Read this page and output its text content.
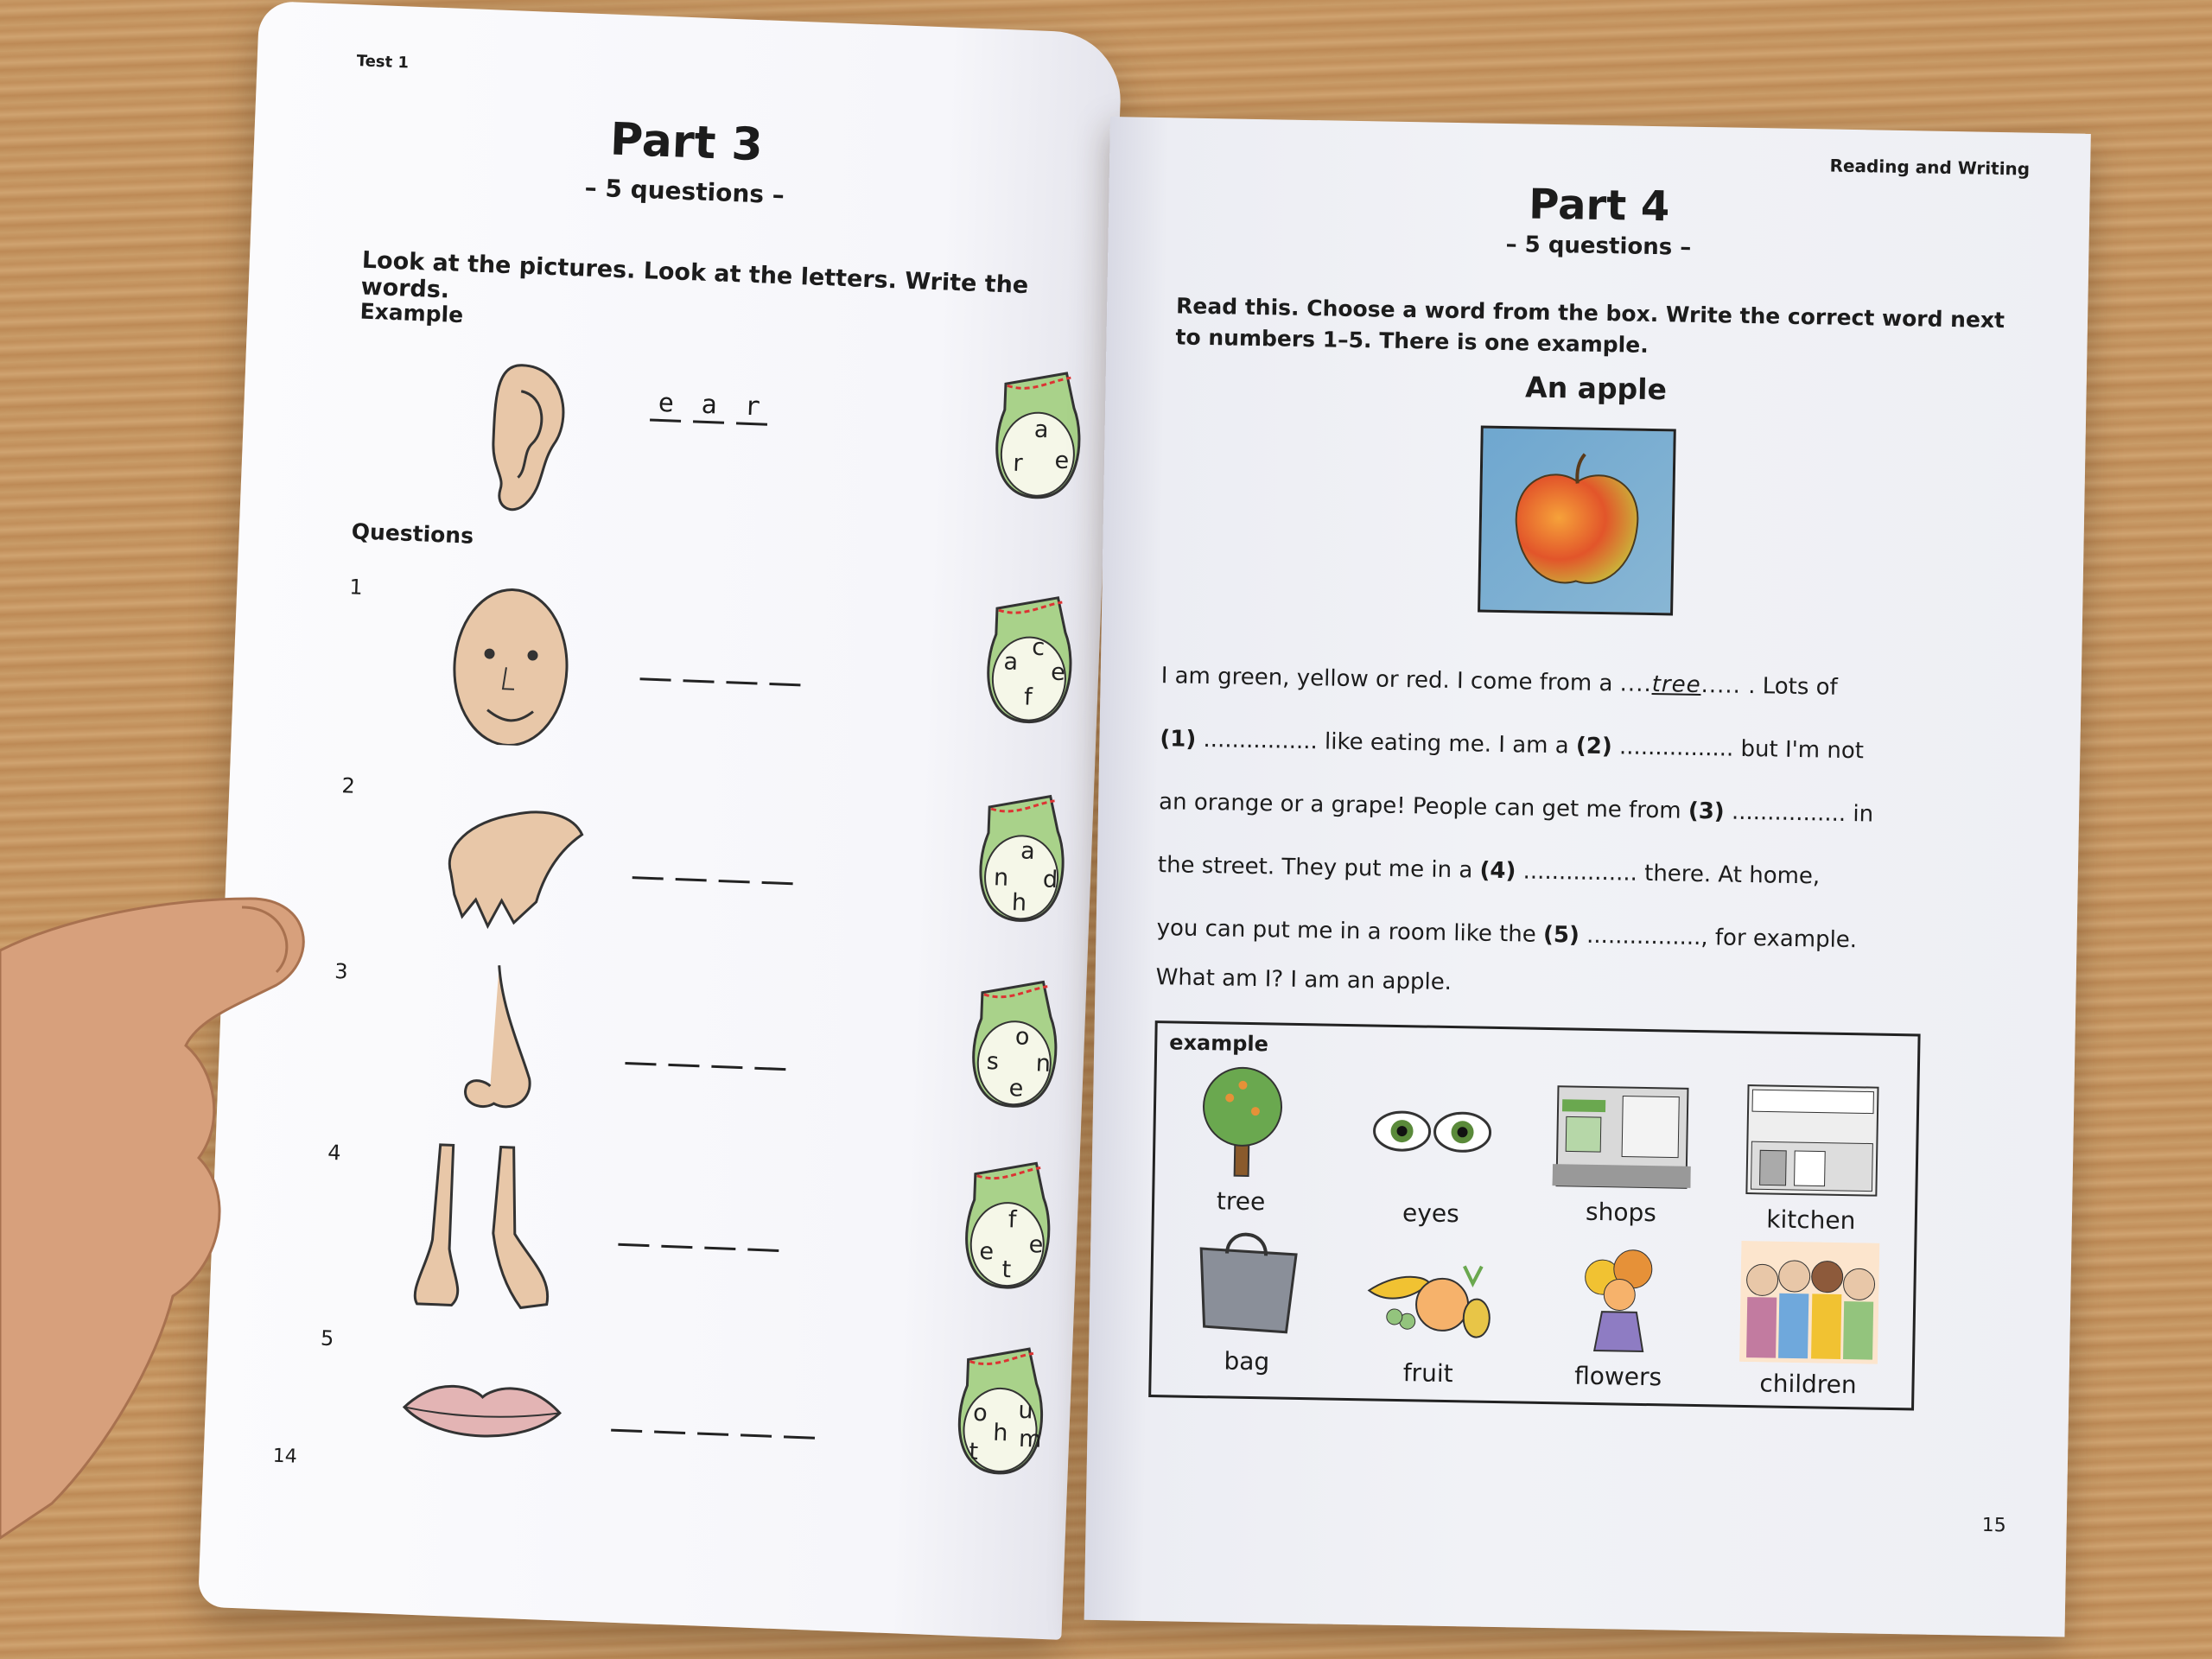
Test 1
Part 3
– 5 questions –
Look at the pictures. Look at the letters. Write the words.
Example
e	a	r
a
r e
Questions
1
a
c
e
f
2
a
n d
h
3
o
s n
e
4
f
e
e
t
5
o u
h m
t
14
Reading and Writing
Part 4
– 5 questions –
Read this. Choose a word from the box. Write the correct word next to numbers 1–5. There is one example.
An apple
I am green, yellow or red. I come from a ....tree..... . Lots of
(1) ................ like eating me. I am a (2) ................ but I'm not
an orange or a grape! People can get me from (3) ................ in
the street. They put me in a (4) ................ there. At home,
you can put me in a room like the (5) ................, for example.
What am I? I am an apple.
example
tree	eyes	shops	kitchen
bag	fruit	flowers	children
15
